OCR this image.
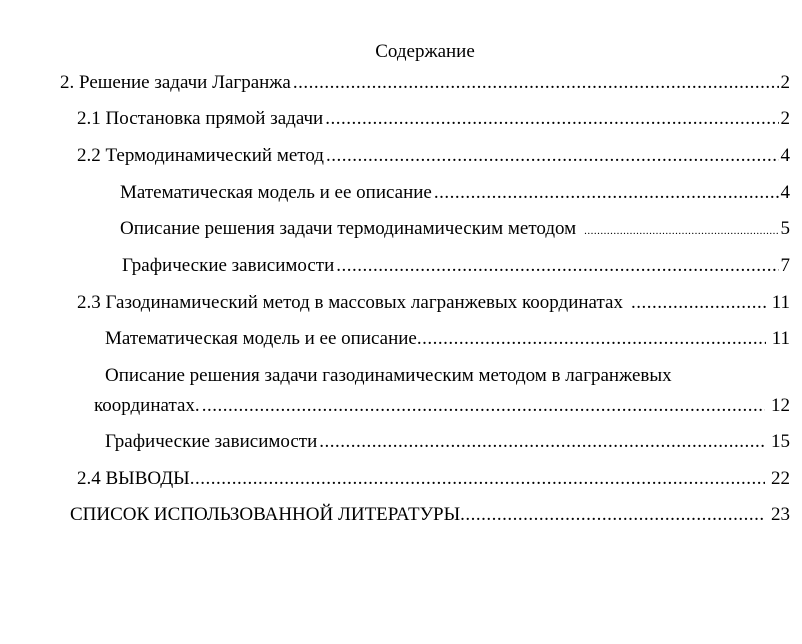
Содержание
2. Решение задачи Лагранжа .....	2
2.1 Постановка прямой задачи .....	2
2.2 Термодинамический метод .....	4
Математическая модель и ее описание .....	4
Описание решения задачи термодинамическим методом .....	5
Графические зависимости .....	7
2.3 Газодинамический метод в массовых лагранжевых координатах .....	11
Математическая модель и ее описание .....	11
Описание решения задачи газодинамическим методом в лагранжевых
координатах. .....	12
Графические зависимости .....	15
2.4 ВЫВОДЫ .....	22
СПИСОК ИСПОЛЬЗОВАННОЙ ЛИТЕРАТУРЫ .....	23
